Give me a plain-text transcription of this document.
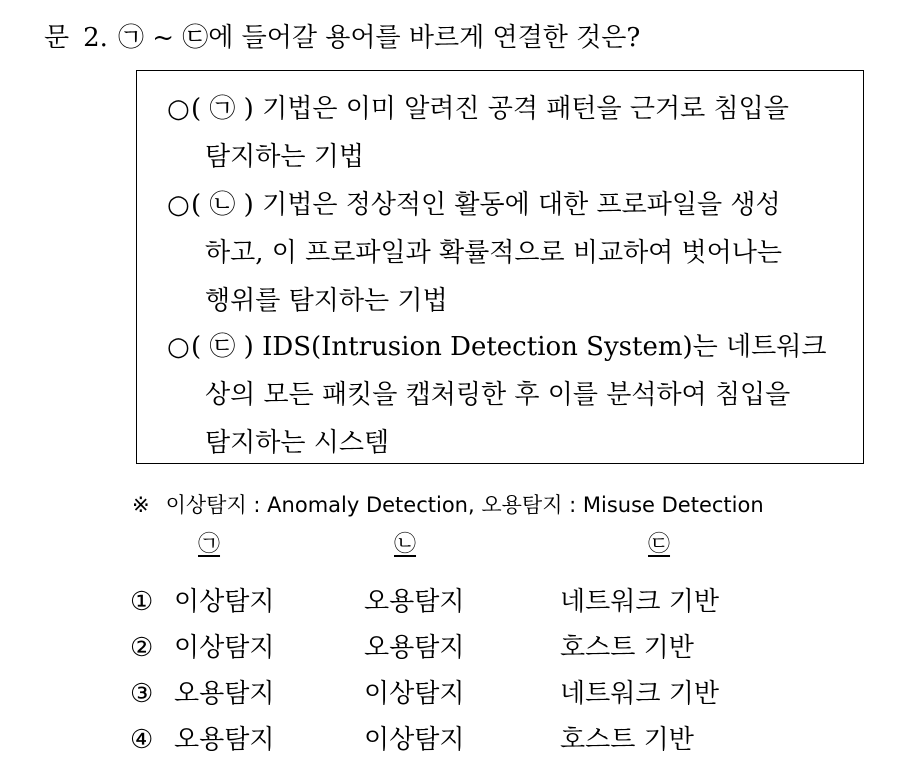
문 2. ㉠ ~ ㉢에 들어갈 용어를 바르게 연결한 것은?
○( ㉠ ) 기법은 이미 알려진 공격 패턴을 근거로 침입을
탐지하는 기법
○( ㉡ ) 기법은 정상적인 활동에 대한 프로파일을 생성
하고, 이 프로파일과 확률적으로 비교하여 벗어나는
행위를 탐지하는 기법
○( ㉢ ) IDS(Intrusion Detection System)는 네트워크
상의 모든 패킷을 캡처링한 후 이를 분석하여 침입을
탐지하는 시스템
※ 이상탐지 : Anomaly Detection, 오용탐지 : Misuse Detection
㉠	㉡	㉢
① 이상탐지	오용탐지	네트워크 기반
② 이상탐지	오용탐지	호스트 기반
③ 오용탐지	이상탐지	네트워크 기반
④ 오용탐지	이상탐지	호스트 기반
